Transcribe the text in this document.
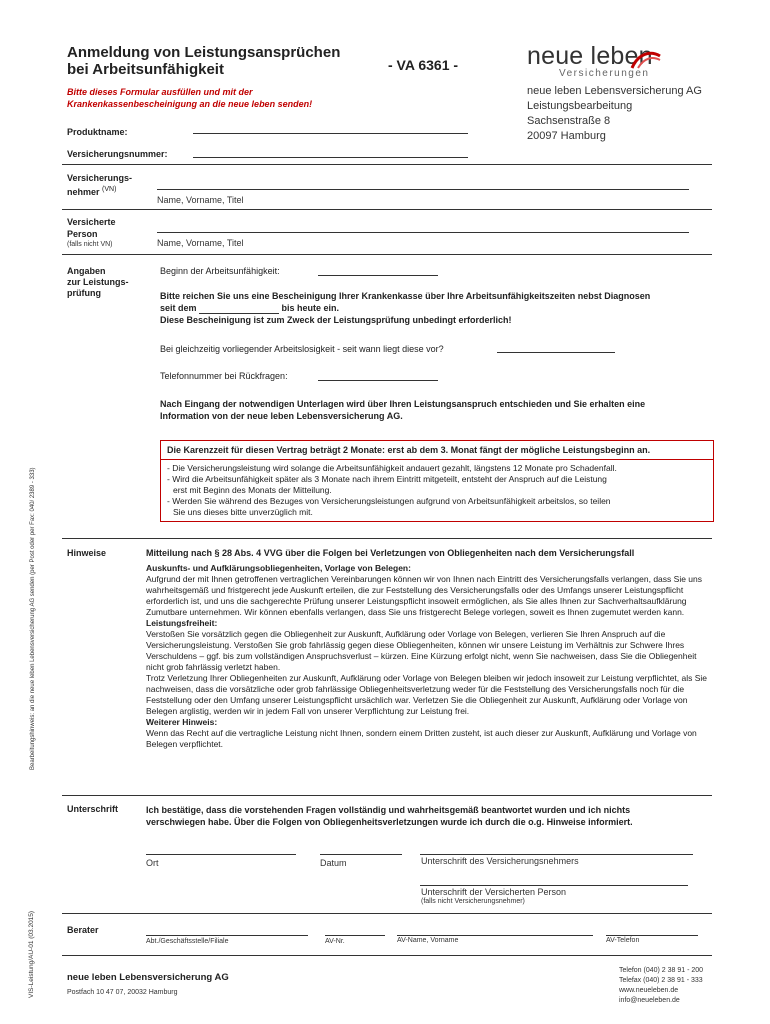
Anmeldung von Leistungsansprüchen
bei Arbeitsunfähigkeit	- VA 6361 -	neue leben
Versicherungen
Bitte dieses Formular ausfüllen und mit der
Krankenkassenbescheinigung an die neue leben senden!
neue leben Lebensversicherung AG
Leistungsbearbeitung
Sachsenstraße 8
20097 Hamburg
Produktname:
Versicherungsnummer:
Versicherungs-
nehmer $^{(VN)}$
Name, Vorname, Titel
Versicherte
Person
(falls nicht VN)	Name, Vorname, Titel
Angaben
zur Leistungs-
prüfung
Beginn der Arbeitsunfähigkeit:
Bitte reichen Sie uns eine Bescheinigung Ihrer Krankenkasse über Ihre Arbeitsunfähigkeitszeiten nebst Diagnosen
seit dem	bis heute ein.
Diese Bescheinigung ist zum Zweck der Leistungsprüfung unbedingt erforderlich!
Bei gleichzeitig vorliegender Arbeitslosigkeit - seit wann liegt diese vor?
Telefonnummer bei Rückfragen:
Nach Eingang der notwendigen Unterlagen wird über Ihren Leistungsanspruch entschieden und Sie erhalten eine
Information von der neue leben Lebensversicherung AG.
Die Karenzzeit für diesen Vertrag beträgt 2 Monate: erst ab dem 3. Monat fängt der mögliche Leistungsbeginn an.
- Die Versicherungsleistung wird solange die Arbeitsunfähigkeit andauert gezahlt, längstens 12 Monate pro Schadenfall.
- Wird die Arbeitsunfähigkeit später als 3 Monate nach ihrem Eintritt mitgeteilt, entsteht der Anspruch auf die Leistung
erst mit Beginn des Monats der Mitteilung.
- Werden Sie während des Bezuges von Versicherungsleistungen aufgrund von Arbeitsunfähigkeit arbeitslos, so teilen
Sie uns dieses bitte unverzüglich mit.
Hinweise	Mitteilung nach § 28 Abs. 4 VVG über die Folgen bei Verletzungen von Obliegenheiten nach dem Versicherungsfall
Auskunfts- und Aufklärungsobliegenheiten, Vorlage von Belegen:
Aufgrund der mit Ihnen getroffenen vertraglichen Vereinbarungen können wir von Ihnen nach Eintritt des Versicherungsfalls verlangen, dass Sie uns wahrheitsgemäß und fristgerecht jede Auskunft erteilen, die zur Feststellung des Versicherungsfalls oder des Umfangs unserer Leistungspflicht erforderlich ist, und uns die sachgerechte Prüfung unserer Leistungspflicht insoweit ermöglichen, als Sie alles Ihnen zur Sachverhaltsaufklärung Zumutbare unternehmen. Wir können ebenfalls verlangen, dass Sie uns fristgerecht Belege vorlegen, soweit es Ihnen zugemutet werden kann.
Leistungsfreiheit:
Verstoßen Sie vorsätzlich gegen die Obliegenheit zur Auskunft, Aufklärung oder Vorlage von Belegen, verlieren Sie Ihren Anspruch auf die Versicherungsleistung. Verstoßen Sie grob fahrlässig gegen diese Obliegenheiten, können wir unsere Leistung im Verhältnis zur Schwere Ihres Verschuldens – ggf. bis zum vollständigen Anspruchsverlust – kürzen. Eine Kürzung erfolgt nicht, wenn Sie nachweisen, dass Sie die Obliegenheit nicht grob fahrlässig verletzt haben.
Trotz Verletzung Ihrer Obliegenheiten zur Auskunft, Aufklärung oder Vorlage von Belegen bleiben wir jedoch insoweit zur Leistung verpflichtet, als Sie nachweisen, dass die vorsätzliche oder grob fahrlässige Obliegenheitsverletzung weder für die Feststellung des Versicherungsfalls noch für die Feststellung oder den Umfang unserer Leistungspflicht ursächlich war. Verletzen Sie die Obliegenheit zur Auskunft, Aufklärung oder Vorlage von Belegen arglistig, werden wir in jedem Fall von unserer Verpflichtung zur Leistung frei.
Weiterer Hinweis:
Wenn das Recht auf die vertragliche Leistung nicht Ihnen, sondern einem Dritten zusteht, ist auch dieser zur Auskunft, Aufklärung und Vorlage von Belegen verpflichtet.
Unterschrift	Ich bestätige, dass die vorstehenden Fragen vollständig und wahrheitsgemäß beantwortet wurden und ich nichts
verschwiegen habe. Über die Folgen von Obliegenheitsverletzungen wurde ich durch die o.g. Hinweise informiert.
Ort	Datum	Unterschrift des Versicherungsnehmers
Unterschrift der Versicherten Person
(falls nicht Versicherungsnehmer)
Berater
Abt./Geschäftsstelle/Filiale	AV-Nr.	AV-Name, Vorname	AV-Telefon
neue leben Lebensversicherung AG
Postfach 10 47 07, 20032 Hamburg
Telefon (040) 2 38 91 - 200
Telefax (040) 2 38 91 - 333
www.neueleben.de
info@neueleben.de
Bearbeitungshinweis: an die neue leben Lebensversicherung AG senden (per Post oder per Fax: 040/ 2389 - 333)
VIS-Leistung/AU-01 (03.2015)
